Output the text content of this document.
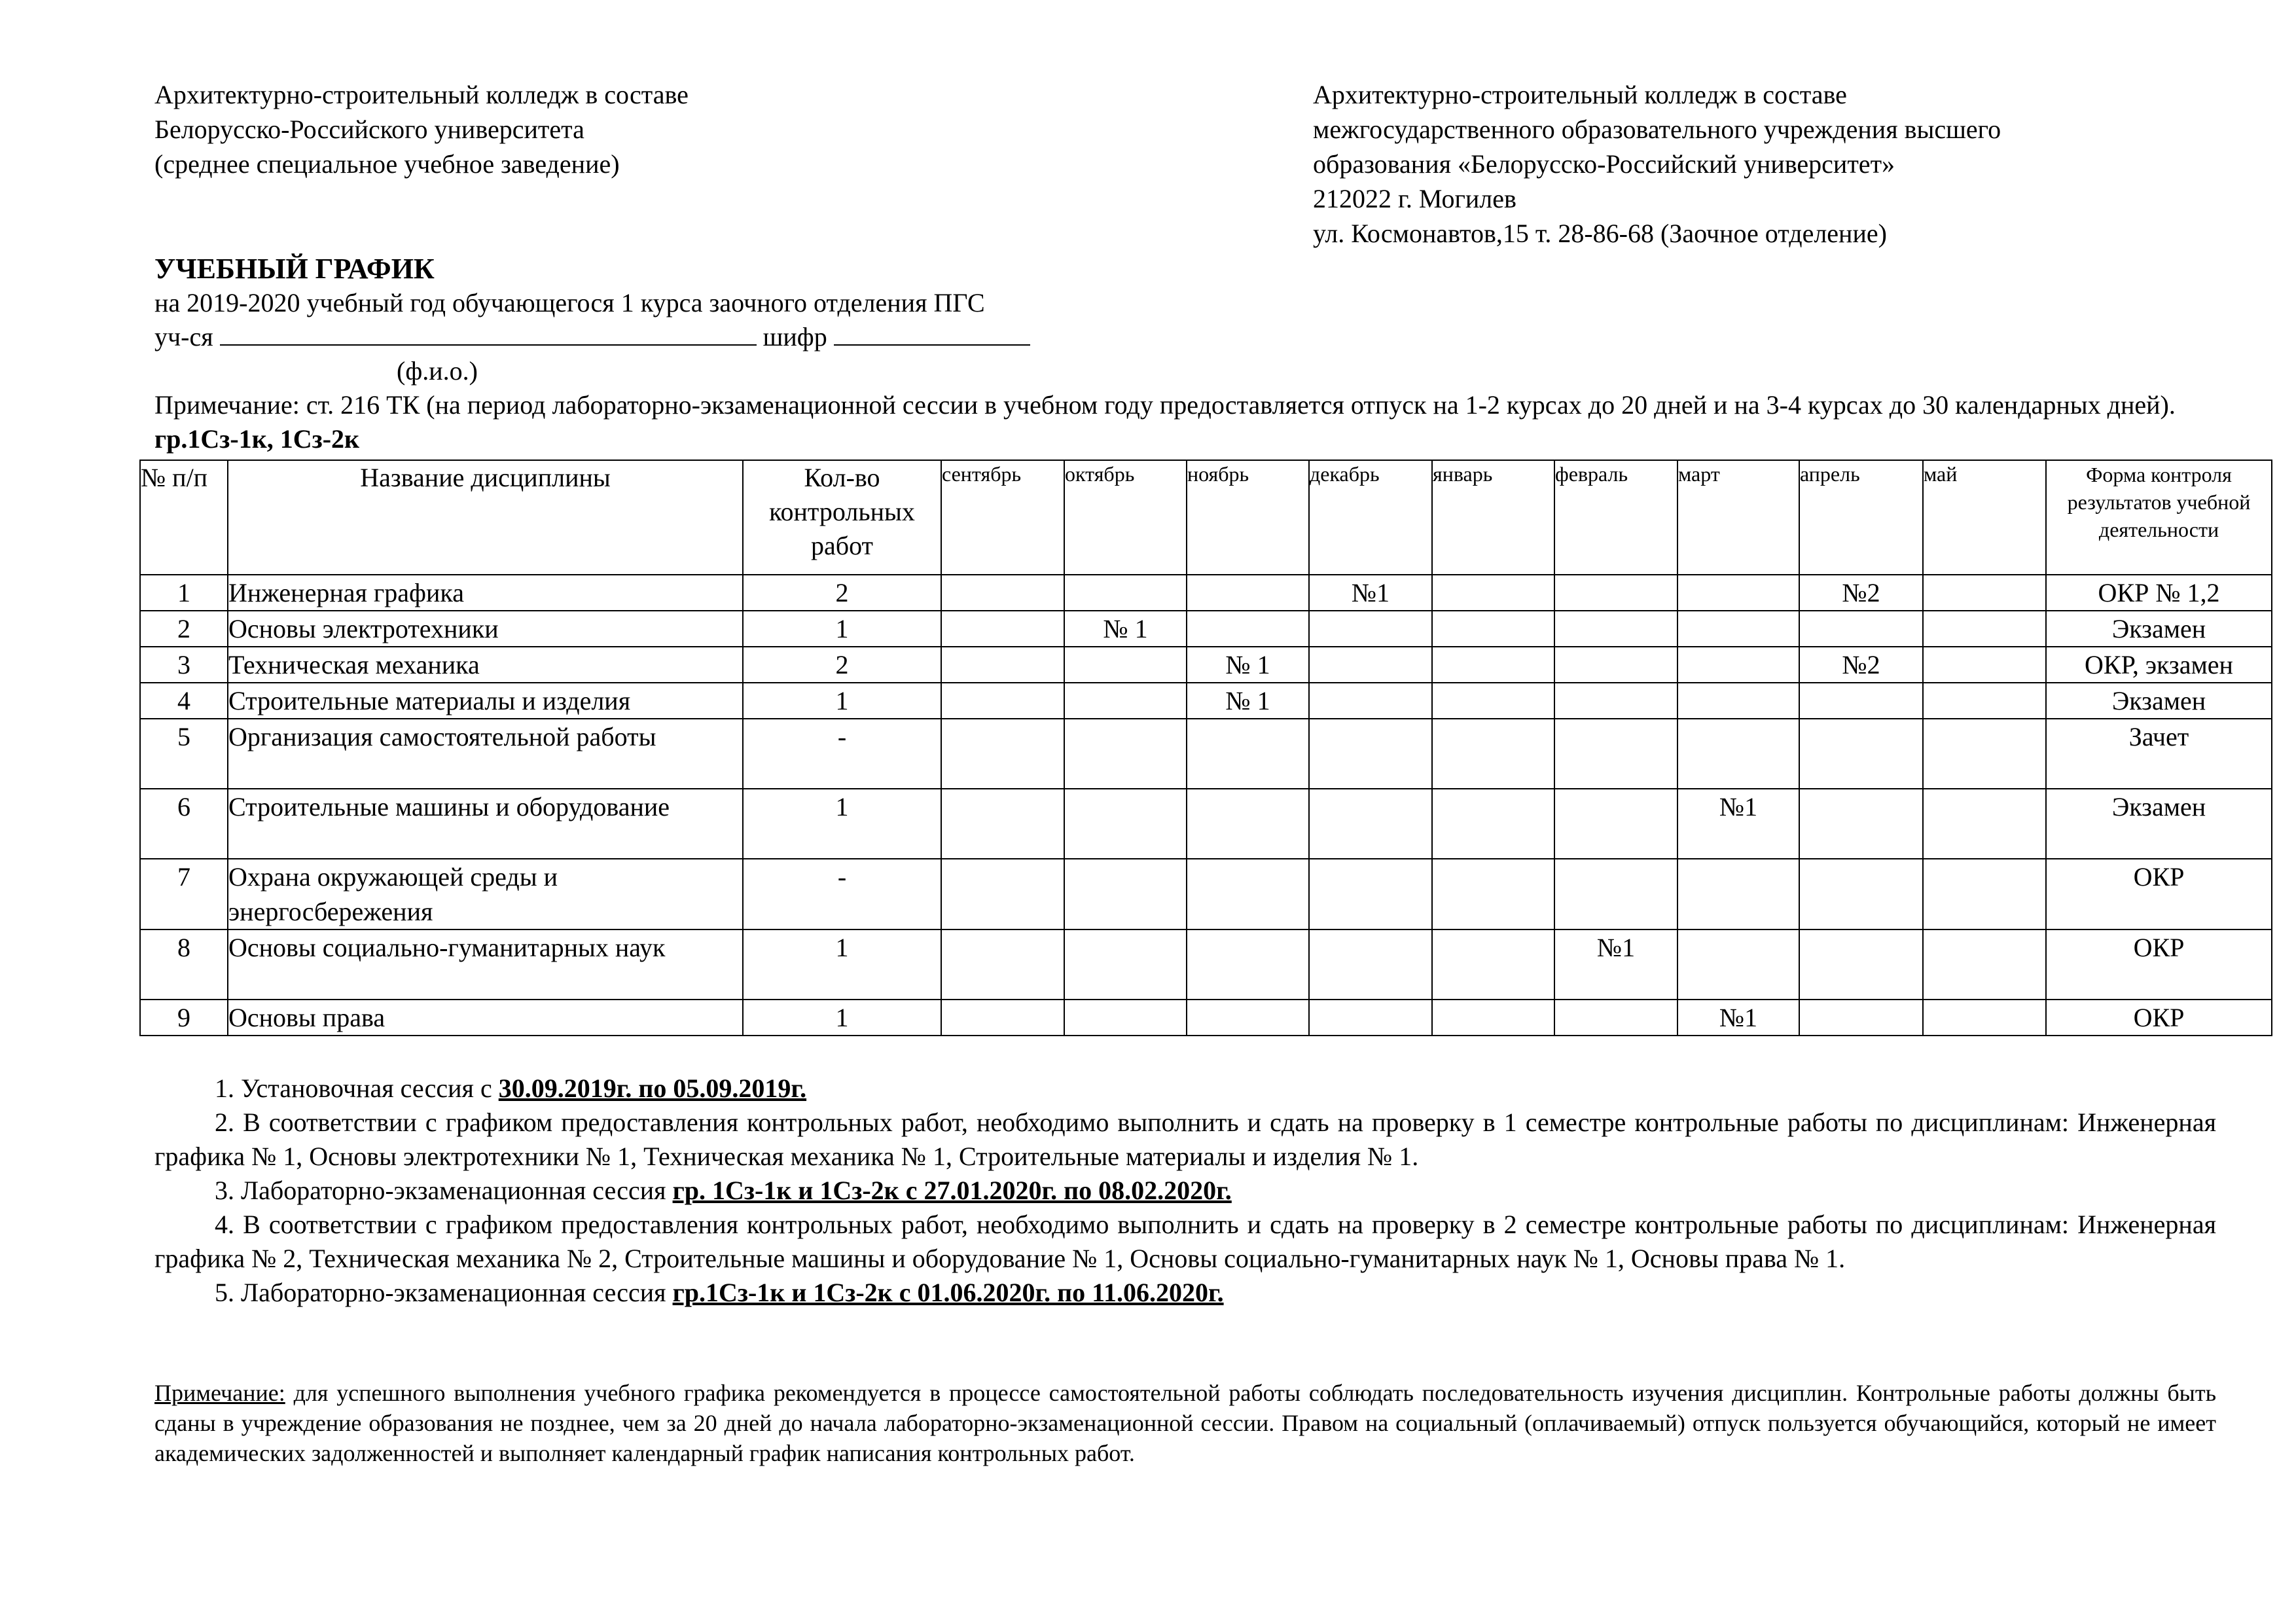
Архитектурно-строительный колледж в составе
Белорусско-Российского университета
(среднее специальное учебное заведение)
Архитектурно-строительный колледж в составе
межгосударственного образовательного учреждения высшего
образования «Белорусско-Российский университет»
212022 г. Могилев
ул. Космонавтов,15 т. 28-86-68 (Заочное отделение)
УЧЕБНЫЙ ГРАФИК
на 2019-2020 учебный год обучающегося 1 курса заочного отделения ПГС
уч-ся	шифр
(ф.и.о.)
Примечание: ст. 216 ТК (на период лабораторно-экзаменационной сессии в учебном году предоставляется отпуск на 1-2 курсах до 20 дней и на 3-4 курсах до 30 календарных дней). гр.1Сз-1к, 1Сз-2к
№ п/п	Название дисциплины	Кол-во контрольных работ	сентябрь	октябрь	ноябрь	декабрь	январь	февраль	март	апрель	май	Форма контроля результатов учебной деятельности
1	Инженерная графика	2				№1				№2		ОКР № 1,2
2	Основы электротехники	1		№ 1								Экзамен
3	Техническая механика	2			№ 1					№2		ОКР, экзамен
4	Строительные материалы и изделия	1			№ 1							Экзамен
5	Организация самостоятельной работы	-										Зачет
6	Строительные машины и оборудование	1							№1			Экзамен
7	Охрана окружающей среды и энергосбережения	-										ОКР
8	Основы социально-гуманитарных наук	1						№1				ОКР
9	Основы права	1							№1			ОКР

1. Установочная сессия с 30.09.2019г. по 05.09.2019г.

2. В соответствии с графиком предоставления контрольных работ, необходимо выполнить и сдать на проверку в 1 семестре контрольные работы по дисциплинам: Инженерная графика № 1, Основы электротехники № 1, Техническая механика № 1, Строительные материалы и изделия № 1.

3. Лабораторно-экзаменационная сессия гр. 1Сз-1к и 1Сз-2к с 27.01.2020г. по 08.02.2020г.

4. В соответствии с графиком предоставления контрольных работ, необходимо выполнить и сдать на проверку в 2 семестре контрольные работы по дисциплинам: Инженерная графика № 2, Техническая механика № 2, Строительные машины и оборудование № 1, Основы социально-гуманитарных наук № 1, Основы права № 1.

5. Лабораторно-экзаменационная сессия гр.1Сз-1к и 1Сз-2к с 01.06.2020г. по 11.06.2020г.

Примечание: для успешного выполнения учебного графика рекомендуется в процессе самостоятельной работы соблюдать последовательность изучения дисциплин. Контрольные работы должны быть сданы в учреждение образования не позднее, чем за 20 дней до начала лабораторно-экзаменационной сессии. Правом на социальный (оплачиваемый) отпуск пользуется обучающийся, который не имеет академических задолженностей и выполняет календарный график написания контрольных работ.
